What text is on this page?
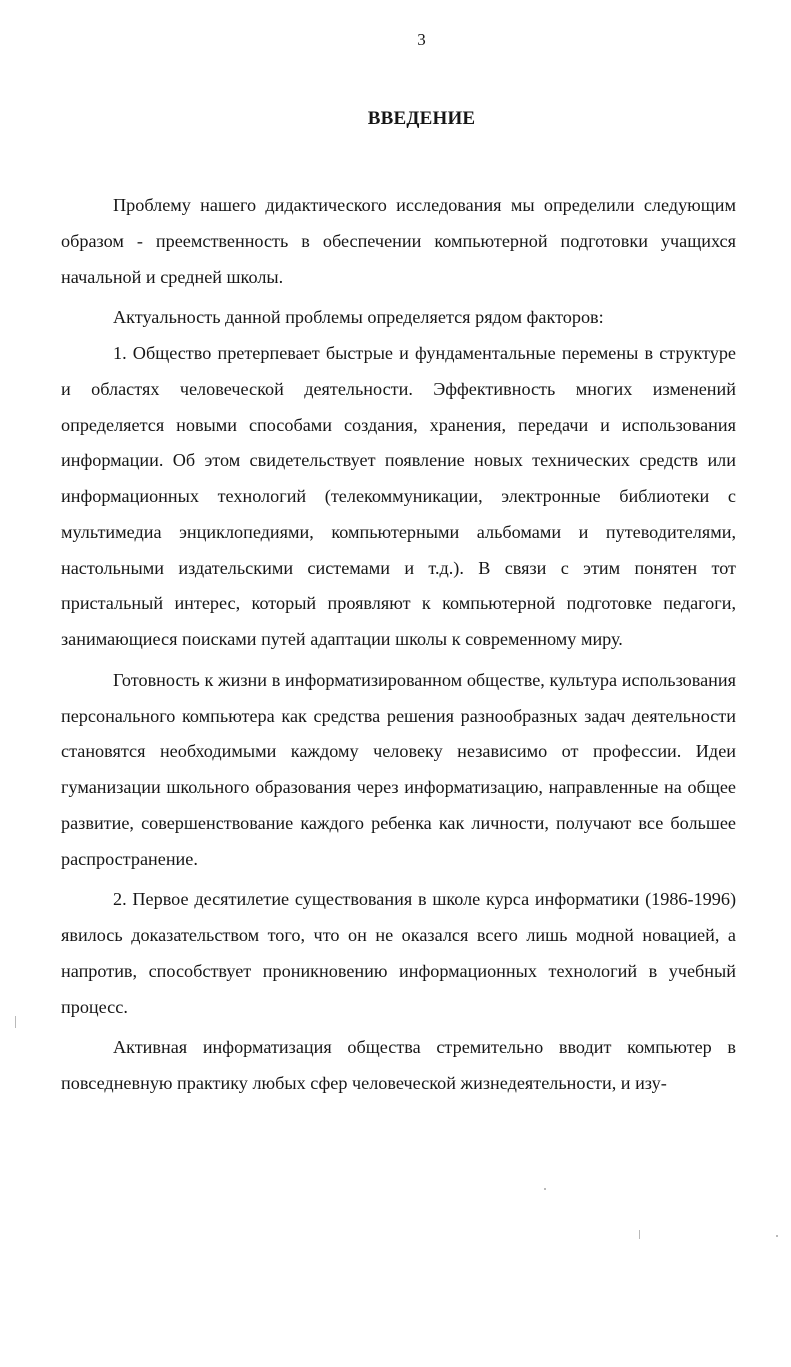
3
ВВЕДЕНИЕ

Проблему нашего дидактического исследования мы определили следующим образом - преемственность в обеспечении компьютерной подготовки учащихся начальной и средней школы.

Актуальность данной проблемы определяется рядом факторов:

1. Общество претерпевает быстрые и фундаментальные перемены в структуре и областях человеческой деятельности. Эффективность многих изменений определяется новыми способами создания, хранения, передачи и использования информации. Об этом свидетельствует появление новых технических средств или информационных технологий (телекоммуникации, электронные библиотеки с мультимедиа энциклопедиями, компьютерными альбомами и путеводителями, настольными издательскими системами и т.д.). В связи с этим понятен тот пристальный интерес, который проявляют к компьютерной подготовке педагоги, занимающиеся поисками путей адаптации школы к современному миру.

Готовность к жизни в информатизированном обществе, культура использования персонального компьютера как средства решения разнообразных задач деятельности становятся необходимыми каждому человеку независимо от профессии. Идеи гуманизации школьного образования через информатизацию, направленные на общее развитие, совершенствование каждого ребенка как личности, получают все большее распространение.

2. Первое десятилетие существования в школе курса информатики (1986-1996) явилось доказательством того, что он не оказался всего лишь модной новацией, а напротив, способствует проникновению информационных технологий в учебный процесс.

Активная информатизация общества стремительно вводит компьютер в повседневную практику любых сфер человеческой жизнедеятельности, и изу-
